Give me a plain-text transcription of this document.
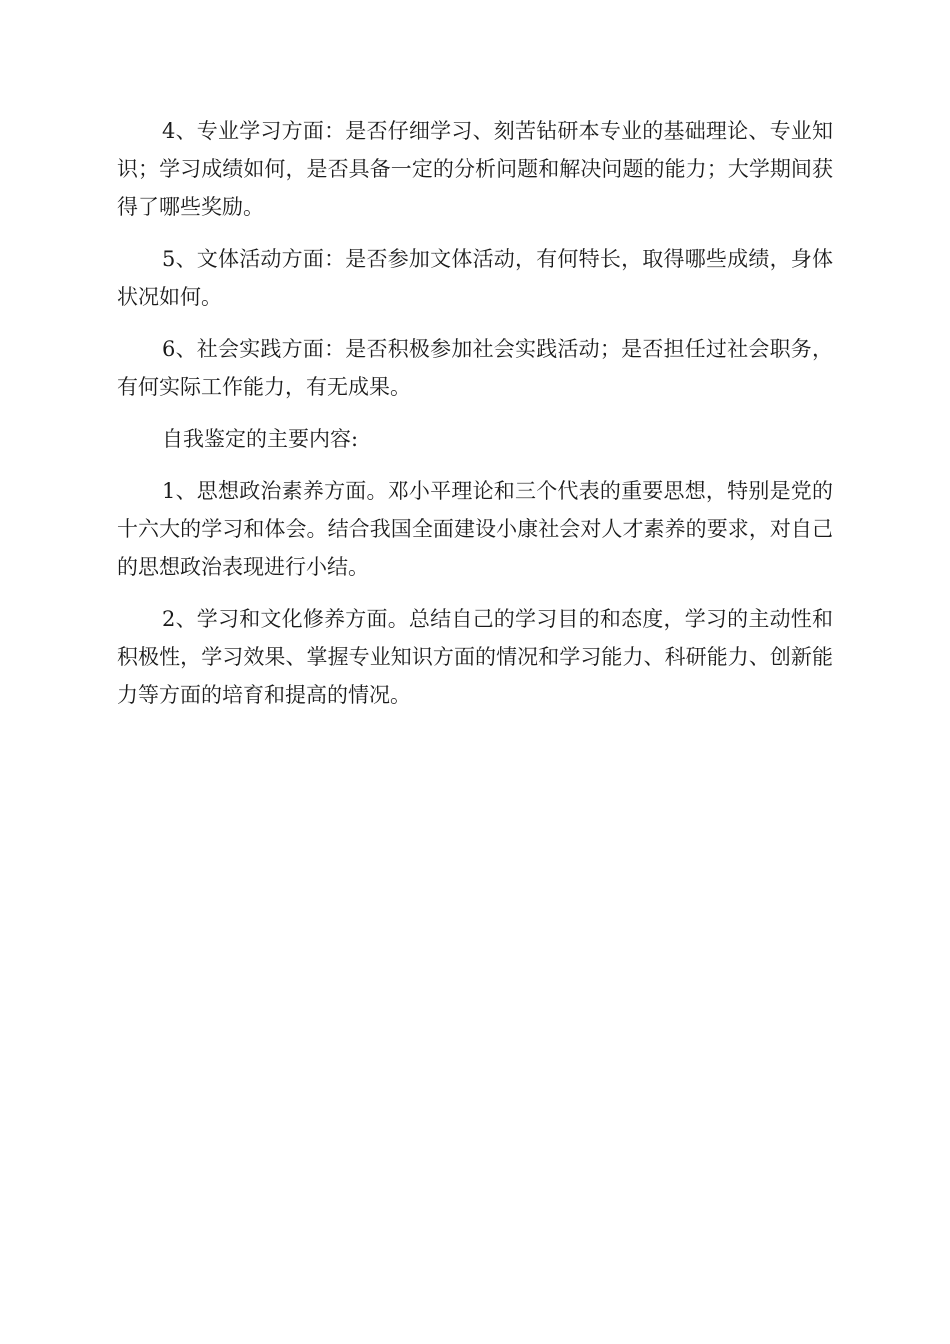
4、专业学习方面：是否仔细学习、刻苦钻研本专业的基础理论、专业知识；学习成绩如何，是否具备一定的分析问题和解决问题的能力；大学期间获得了哪些奖励。

5、文体活动方面：是否参加文体活动，有何特长，取得哪些成绩，身体状况如何。

6、社会实践方面：是否积极参加社会实践活动；是否担任过社会职务，有何实际工作能力，有无成果。

自我鉴定的主要内容:

1、思想政治素养方面。邓小平理论和三个代表的重要思想，特别是党的十六大的学习和体会。结合我国全面建设小康社会对人才素养的要求，对自己的思想政治表现进行小结。

2、学习和文化修养方面。总结自己的学习目的和态度，学习的主动性和积极性，学习效果、掌握专业知识方面的情况和学习能力、科研能力、创新能力等方面的培育和提高的情况。
